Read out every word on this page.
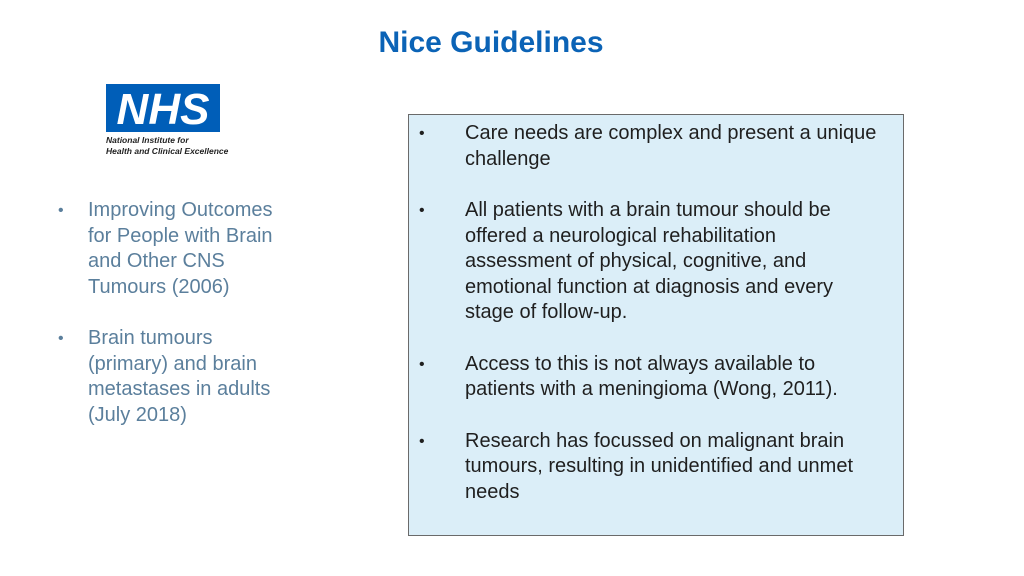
Nice Guidelines
NHS
National Institute for
Health and Clinical Excellence
• Improving Outcomes for People with Brain and Other CNS Tumours (2006)
• Brain tumours (primary) and brain metastases in adults (July 2018)
• Care needs are complex and present a unique challenge
• All patients with a brain tumour should be offered a neurological rehabilitation assessment of physical, cognitive, and emotional function at diagnosis and every stage of follow-up.
• Access to this is not always available to patients with a meningioma (Wong, 2011).
• Research has focussed on malignant brain tumours, resulting in unidentified and unmet needs
